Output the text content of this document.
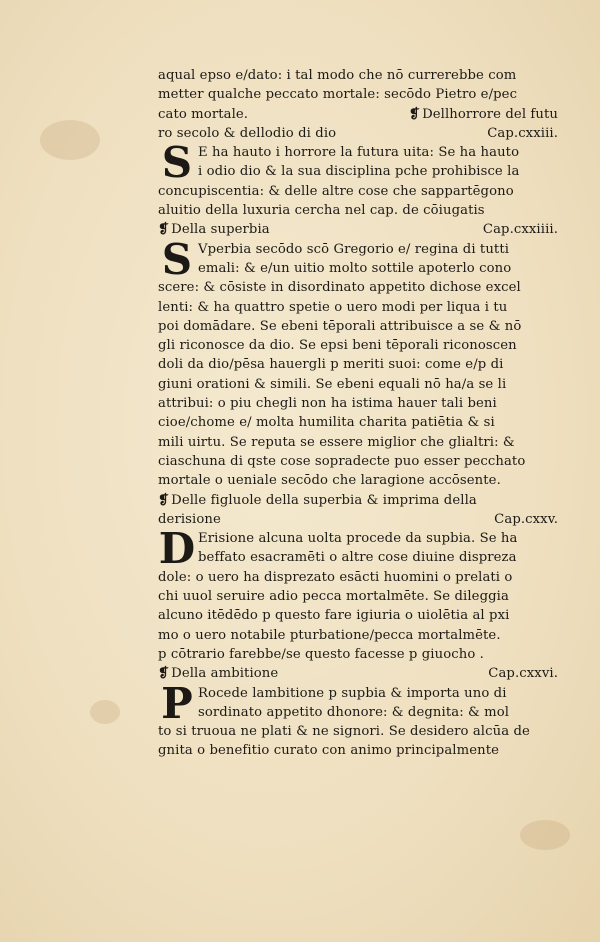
aqual epso e/dato: i tal modo che nō currerebbe com
metter qualche peccato mortale: secōdo Pietro e/pec
cato mortale.	❡ Dellhorrore del futu
ro secolo & dellodio di dio	Cap.cxxiii.
S E ha hauto i horrore la futura uita: Se ha hauto
i odio dio & la sua disciplina pche prohibisce la
concupiscentia: & delle altre cose che sappartēgono
aluitio della luxuria cercha nel cap. de cōiugatis
❡ Della superbia	Cap.cxxiiii.
S Vperbia secōdo scō Gregorio e/ regina di tutti
emali: & e/un uitio molto sottile apoterlo cono
scere: & cōsiste in disordinato appetito dichose excel
lenti: & ha quattro spetie o uero modi per liqua i tu
poi domādare. Se ebeni tēporali attribuisce a se & nō
gli riconosce da dio. Se epsi beni tēporali riconoscen
doli da dio/pēsa hauergli p meriti suoi: come e/p di
giuni orationi & simili. Se ebeni equali nō ha/a se li
attribui: o piu chegli non ha istima hauer tali beni
cioe/chome e/ molta humilita charita patiētia & si
mili uirtu. Se reputa se essere miglior che glialtri: &
ciaschuna di qste cose sopradecte puo esser pecchato
mortale o ueniale secōdo che laragione accōsente.
❡ Delle figluole della superbia & imprima della
derisione	Cap.cxxv.
D Erisione alcuna uolta procede da supbia. Se ha
beffato esacramēti o altre cose diuine dispreza
dole: o uero ha disprezato esācti huomini o prelati o
chi uuol seruire adio pecca mortalmēte. Se dileggia
alcuno itēdēdo p questo fare igiuria o uiolētia al pxi
mo o uero notabile pturbatione/pecca mortalmēte.
p cōtrario farebbe/se questo facesse p giuocho .
❡ Della ambitione	Cap.cxxvi.
P Rocede lambitione p supbia & importa uno di
sordinato appetito dhonore: & degnita: & mol
to si truoua ne plati & ne signori. Se desidero alcūa de
gnita o benefitio curato con animo principalmente
